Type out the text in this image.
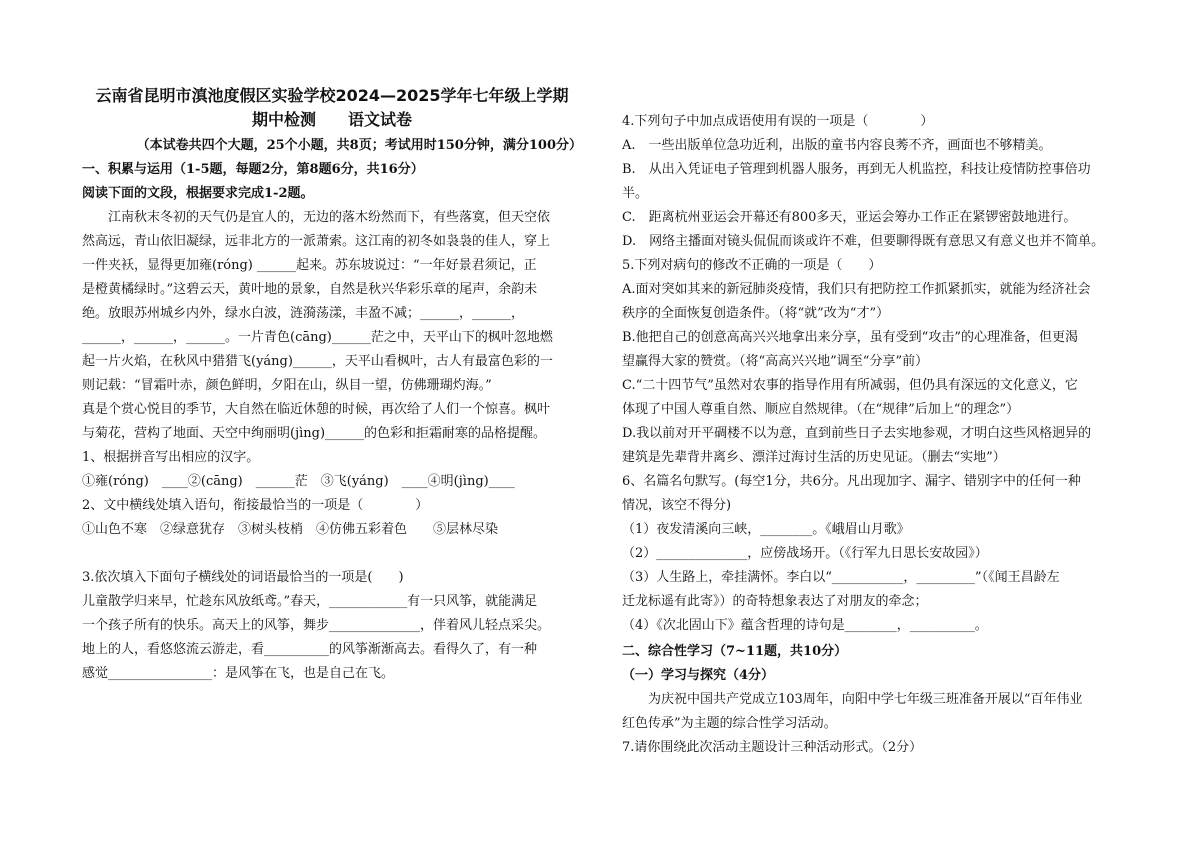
云南省昆明市滇池度假区实验学校2024—2025学年七年级上学期
期中检测　　语文试卷
（本试卷共四个大题，25个小题，共8页；考试用时150分钟，满分100分）
一、积累与运用（1-5题，每题2分，第8题6分，共16分）
阅读下面的文段，根据要求完成1-2题。
江南秋末冬初的天气仍是宜人的，无边的落木纷然而下，有些落寞，但天空依
然高远，青山依旧凝绿，远非北方的一派萧索。这江南的初冬如袅袅的佳人，穿上
一件夹袄，显得更加雍(róng) ______起来。苏东坡说过：“一年好景君须记，正
是橙黄橘绿时。”这碧云天，黄叶地的景象，自然是秋兴华彩乐章的尾声，余韵未
绝。放眼苏州城乡内外，绿水白波，涟漪荡漾，丰盈不减；______，______，
______，______，______。一片青色(cāng)______茫之中，天平山下的枫叶忽地燃
起一片火焰，在秋风中猎猎飞(yáng)______，天平山看枫叶，古人有最富色彩的一
则记载：“冒霜叶赤，颜色鲜明，夕阳在山，纵目一望，仿佛珊瑚灼海。”
真是个赏心悦目的季节，大自然在临近休憩的时候，再次给了人们一个惊喜。枫叶
与菊花，营构了地面、天空中绚丽明(jìng)______的色彩和拒霜耐寒的品格提醒。
1、根据拼音写出相应的汉字。
①雍(róng)　____②(cāng)　______茫　③飞(yáng)　____④明(jìng)____
2、文中横线处填入语句，衔接最恰当的一项是（　　　　）
①山色不寒　②绿意犹存　③树头枝梢　④仿佛五彩着色　　⑤层林尽染
3.依次填入下面句子横线处的词语最恰当的一项是(　　)
儿童散学归来早，忙趁东风放纸鸢。”春天，____________有一只风筝，就能满足
一个孩子所有的快乐。高天上的风筝，舞步______________，伴着风儿轻点采尖。
地上的人，看悠悠流云游走，看__________的风筝渐渐高去。看得久了，有一种
感觉________________：是风筝在飞，也是自己在飞。
4.下列句子中加点成语使用有误的一项是（　　　　）
A.　一些出版单位急功近利，出版的童书内容良莠不齐，画面也不够精美。
B.　从出入凭证电子管理到机器人服务，再到无人机监控，科技让疫情防控事倍功
半。
C.　距离杭州亚运会开幕还有800多天，亚运会筹办工作正在紧锣密鼓地进行。
D.　网络主播面对镜头侃侃而谈或许不难，但要聊得既有意思又有意义也并不简单。
5.下列对病句的修改不正确的一项是（　　）
A.面对突如其来的新冠肺炎疫情，我们只有把防控工作抓紧抓实，就能为经济社会
秩序的全面恢复创造条件。（将“就”改为“才”）
B.他把自己的创意高高兴兴地拿出来分享，虽有受到“攻击”的心理准备，但更渴
望赢得大家的赞赏。（将“高高兴兴地”调至“分享”前）
C.“二十四节气”虽然对农事的指导作用有所减弱，但仍具有深远的文化意义，它
体现了中国人尊重自然、顺应自然规律。（在“规律”后加上“的理念”）
D.我以前对开平碉楼不以为意，直到前些日子去实地参观，才明白这些风格迥异的
建筑是先辈背井离乡、漂洋过海讨生活的历史见证。（删去“实地”）
6、名篇名句默写。(每空1分，共6分。凡出现加字、漏字、错别字中的任何一种
情况，该空不得分)
（1）夜发清溪向三峡，________。《峨眉山月歌》
（2）______________，应傍战场开。（《行军九日思长安故园》）
（3）人生路上，牵挂满怀。李白以“___________，_________”（《闻王昌龄左
迁龙标遥有此寄》）的奇特想象表达了对朋友的牵念；
（4）《次北固山下》蕴含哲理的诗句是________，__________。
二、综合性学习（7~11题，共10分）
（一）学习与探究（4分）
为庆祝中国共产党成立103周年，向阳中学七年级三班准备开展以“百年伟业
红色传承”为主题的综合性学习活动。
7.请你围绕此次活动主题设计三种活动形式。（2分）
